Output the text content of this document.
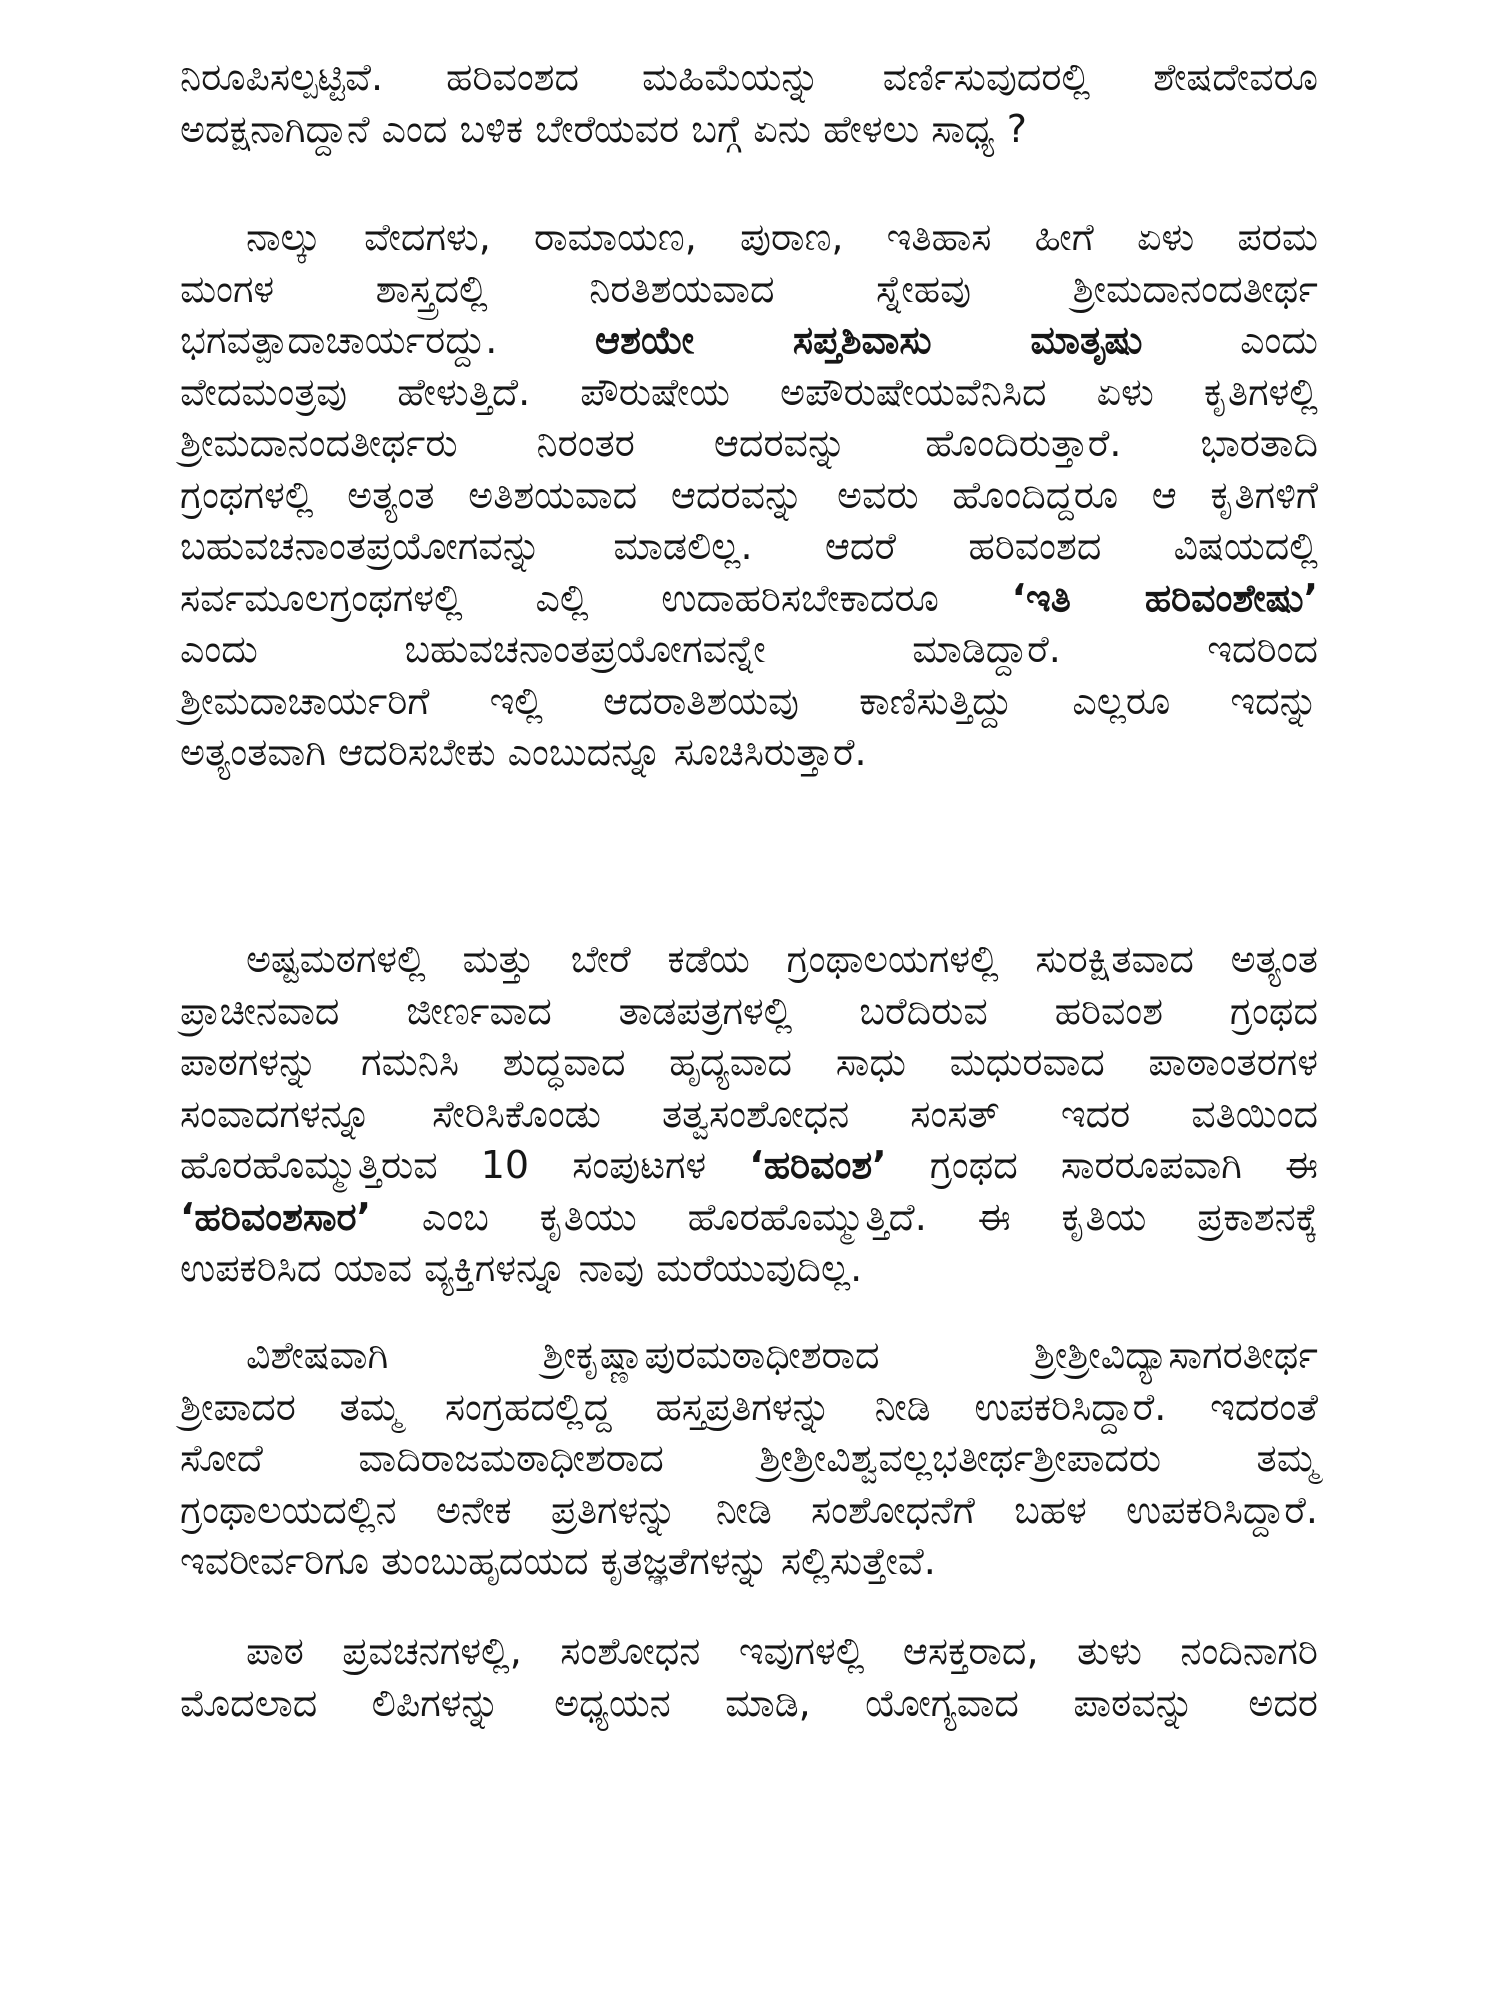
ನಿರೂಪಿಸಲ್ಪಟ್ಟಿವೆ. ಹರಿವಂಶದ ಮಹಿಮೆಯನ್ನು ವರ್ಣಿಸುವುದರಲ್ಲಿ ಶೇಷದೇವರೂ
ಅದಕ್ಷನಾಗಿದ್ದಾನೆ ಎಂದ ಬಳಿಕ ಬೇರೆಯವರ ಬಗ್ಗೆ ಏನು ಹೇಳಲು ಸಾಧ್ಯ ?
ನಾಲ್ಕು ವೇದಗಳು, ರಾಮಾಯಣ, ಪುರಾಣ, ಇತಿಹಾಸ ಹೀಗೆ ಏಳು ಪರಮ
ಮಂಗಳ ಶಾಸ್ತ್ರದಲ್ಲಿ ನಿರತಿಶಯವಾದ ಸ್ನೇಹವು ಶ್ರೀಮದಾನಂದತೀರ್ಥ
ಭಗವತ್ಪಾದಾಚಾರ್ಯರದ್ದು. ಆಶಯೇ ಸಪ್ತಶಿವಾಸು ಮಾತೃಷು ಎಂದು
ವೇದಮಂತ್ರವು ಹೇಳುತ್ತಿದೆ. ಪೌರುಷೇಯ ಅಪೌರುಷೇಯವೆನಿಸಿದ ಏಳು ಕೃತಿಗಳಲ್ಲಿ
ಶ್ರೀಮದಾನಂದತೀರ್ಥರು ನಿರಂತರ ಆದರವನ್ನು ಹೊಂದಿರುತ್ತಾರೆ. ಭಾರತಾದಿ
ಗ್ರಂಥಗಳಲ್ಲಿ ಅತ್ಯಂತ ಅತಿಶಯವಾದ ಆದರವನ್ನು ಅವರು ಹೊಂದಿದ್ದರೂ ಆ ಕೃತಿಗಳಿಗೆ
ಬಹುವಚನಾಂತಪ್ರಯೋಗವನ್ನು ಮಾಡಲಿಲ್ಲ. ಆದರೆ ಹರಿವಂಶದ ವಿಷಯದಲ್ಲಿ
ಸರ್ವಮೂಲಗ್ರಂಥಗಳಲ್ಲಿ ಎಲ್ಲಿ ಉದಾಹರಿಸಬೇಕಾದರೂ ‘ಇತಿ ಹರಿವಂಶೇಷು’
ಎಂದು ಬಹುವಚನಾಂತಪ್ರಯೋಗವನ್ನೇ ಮಾಡಿದ್ದಾರೆ. ಇದರಿಂದ
ಶ್ರೀಮದಾಚಾರ್ಯರಿಗೆ ಇಲ್ಲಿ ಆದರಾತಿಶಯವು ಕಾಣಿಸುತ್ತಿದ್ದು ಎಲ್ಲರೂ ಇದನ್ನು
ಅತ್ಯಂತವಾಗಿ ಆದರಿಸಬೇಕು ಎಂಬುದನ್ನೂ ಸೂಚಿಸಿರುತ್ತಾರೆ.
ಅಷ್ಟಮಠಗಳಲ್ಲಿ ಮತ್ತು ಬೇರೆ ಕಡೆಯ ಗ್ರಂಥಾಲಯಗಳಲ್ಲಿ ಸುರಕ್ಷಿತವಾದ ಅತ್ಯಂತ
ಪ್ರಾಚೀನವಾದ ಜೀರ್ಣವಾದ ತಾಡಪತ್ರಗಳಲ್ಲಿ ಬರೆದಿರುವ ಹರಿವಂಶ ಗ್ರಂಥದ
ಪಾಠಗಳನ್ನು ಗಮನಿಸಿ ಶುದ್ಧವಾದ ಹೃದ್ಯವಾದ ಸಾಧು ಮಧುರವಾದ ಪಾಠಾಂತರಗಳ
ಸಂವಾದಗಳನ್ನೂ ಸೇರಿಸಿಕೊಂಡು ತತ್ವಸಂಶೋಧನ ಸಂಸತ್ ಇದರ ವತಿಯಿಂದ
ಹೊರಹೊಮ್ಮುತ್ತಿರುವ 10 ಸಂಪುಟಗಳ ‘ಹರಿವಂಶ’ ಗ್ರಂಥದ ಸಾರರೂಪವಾಗಿ ಈ
‘ಹರಿವಂಶಸಾರ’ ಎಂಬ ಕೃತಿಯು ಹೊರಹೊಮ್ಮುತ್ತಿದೆ. ಈ ಕೃತಿಯ ಪ್ರಕಾಶನಕ್ಕೆ
ಉಪಕರಿಸಿದ ಯಾವ ವ್ಯಕ್ತಿಗಳನ್ನೂ ನಾವು ಮರೆಯುವುದಿಲ್ಲ.
ವಿಶೇಷವಾಗಿ ಶ್ರೀಕೃಷ್ಣಾಪುರಮಠಾಧೀಶರಾದ ಶ್ರೀಶ್ರೀವಿದ್ಯಾಸಾಗರತೀರ್ಥ
ಶ್ರೀಪಾದರ ತಮ್ಮ ಸಂಗ್ರಹದಲ್ಲಿದ್ದ ಹಸ್ತಪ್ರತಿಗಳನ್ನು ನೀಡಿ ಉಪಕರಿಸಿದ್ದಾರೆ. ಇದರಂತೆ
ಸೋದೆ ವಾದಿರಾಜಮಠಾಧೀಶರಾದ ಶ್ರೀಶ್ರೀವಿಶ್ವವಲ್ಲಭತೀರ್ಥಶ್ರೀಪಾದರು ತಮ್ಮ
ಗ್ರಂಥಾಲಯದಲ್ಲಿನ ಅನೇಕ ಪ್ರತಿಗಳನ್ನು ನೀಡಿ ಸಂಶೋಧನೆಗೆ ಬಹಳ ಉಪಕರಿಸಿದ್ದಾರೆ.
ಇವರೀರ್ವರಿಗೂ ತುಂಬುಹೃದಯದ ಕೃತಜ್ಞತೆಗಳನ್ನು ಸಲ್ಲಿಸುತ್ತೇವೆ.
ಪಾಠ ಪ್ರವಚನಗಳಲ್ಲಿ, ಸಂಶೋಧನ ಇವುಗಳಲ್ಲಿ ಆಸಕ್ತರಾದ, ತುಳು ನಂದಿನಾಗರಿ
ಮೊದಲಾದ ಲಿಪಿಗಳನ್ನು ಅಧ್ಯಯನ ಮಾಡಿ, ಯೋಗ್ಯವಾದ ಪಾಠವನ್ನು ಅದರ
